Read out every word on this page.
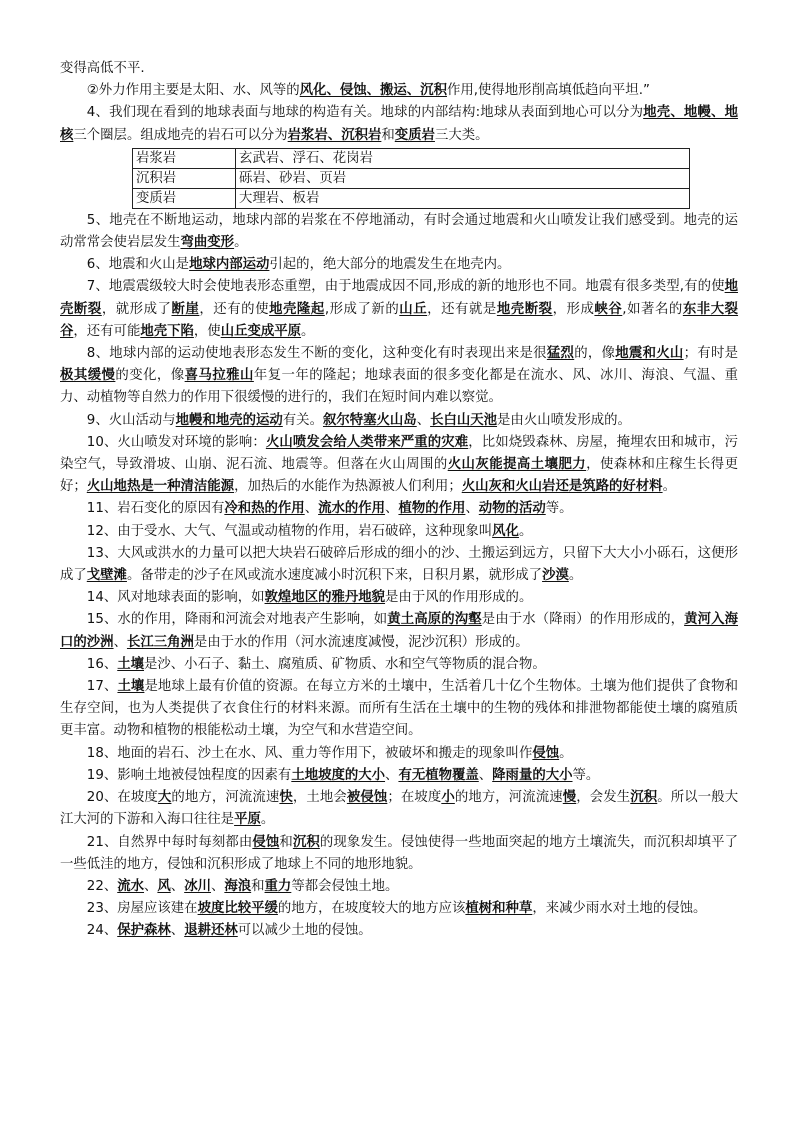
变得高低不平.

②外力作用主要是太阳、水、风等的风化、侵蚀、搬运、沉积作用,使得地形削高填低趋向平坦.”

4、我们现在看到的地球表面与地球的构造有关。地球的内部结构:地球从表面到地心可以分为地壳、地幔、地核三个圈层。组成地壳的岩石可以分为岩浆岩、沉积岩和变质岩三大类。

岩浆岩	玄武岩、浮石、花岗岩
沉积岩	砾岩、砂岩、页岩
变质岩	大理岩、板岩

5、地壳在不断地运动，地球内部的岩浆在不停地涌动，有时会通过地震和火山喷发让我们感受到。地壳的运动常常会使岩层发生弯曲变形。

6、地震和火山是地球内部运动引起的，绝大部分的地震发生在地壳内。

7、地震震级较大时会使地表形态重塑，由于地震成因不同,形成的新的地形也不同。地震有很多类型,有的使地壳断裂，就形成了断崖，还有的使地壳隆起,形成了新的山丘，还有就是地壳断裂，形成峡谷,如著名的东非大裂谷，还有可能地壳下陷，使山丘变成平原。

8、地球内部的运动使地表形态发生不断的变化，这种变化有时表现出来是很猛烈的，像地震和火山；有时是极其缓慢的变化，像喜马拉雅山年复一年的隆起；地球表面的很多变化都是在流水、风、冰川、海浪、气温、重力、动植物等自然力的作用下很缓慢的进行的，我们在短时间内难以察觉。

9、火山活动与地幔和地壳的运动有关。叙尔特塞火山岛、长白山天池是由火山喷发形成的。

10、火山喷发对环境的影响：火山喷发会给人类带来严重的灾难，比如烧毁森林、房屋，掩埋农田和城市，污染空气，导致滑坡、山崩、泥石流、地震等。但落在火山周围的火山灰能提高土壤肥力，使森林和庄稼生长得更好；火山地热是一种清洁能源，加热后的水能作为热源被人们利用；火山灰和火山岩还是筑路的好材料。

11、岩石变化的原因有冷和热的作用、流水的作用、植物的作用、动物的活动等。

12、由于受水、大气、气温或动植物的作用，岩石破碎，这种现象叫风化。

13、大风或洪水的力量可以把大块岩石破碎后形成的细小的沙、土搬运到远方，只留下大大小小砾石，这便形成了戈壁滩。备带走的沙子在风或流水速度减小时沉积下来，日积月累，就形成了沙漠。

14、风对地球表面的影响，如敦煌地区的雅丹地貌是由于风的作用形成的。

15、水的作用，降雨和河流会对地表产生影响，如黄土高原的沟壑是由于水（降雨）的作用形成的，黄河入海口的沙洲、长江三角洲是由于水的作用（河水流速度减慢，泥沙沉积）形成的。

16、土壤是沙、小石子、黏土、腐殖质、矿物质、水和空气等物质的混合物。

17、土壤是地球上最有价值的资源。在每立方米的土壤中，生活着几十亿个生物体。土壤为他们提供了食物和生存空间，也为人类提供了衣食住行的材料来源。而所有生活在土壤中的生物的残体和排泄物都能使土壤的腐殖质更丰富。动物和植物的根能松动土壤，为空气和水营造空间。

18、地面的岩石、沙土在水、风、重力等作用下，被破坏和搬走的现象叫作侵蚀。

19、影响土地被侵蚀程度的因素有土地坡度的大小、有无植物覆盖、降雨量的大小等。

20、在坡度大的地方，河流流速快，土地会被侵蚀；在坡度小的地方，河流流速慢，会发生沉积。所以一般大江大河的下游和入海口往往是平原。

21、自然界中每时每刻都由侵蚀和沉积的现象发生。侵蚀使得一些地面突起的地方土壤流失，而沉积却填平了一些低洼的地方，侵蚀和沉积形成了地球上不同的地形地貌。

22、流水、风、冰川、海浪和重力等都会侵蚀土地。

23、房屋应该建在坡度比较平缓的地方，在坡度较大的地方应该植树和种草，来减少雨水对土地的侵蚀。

24、保护森林、退耕还林可以减少土地的侵蚀。
